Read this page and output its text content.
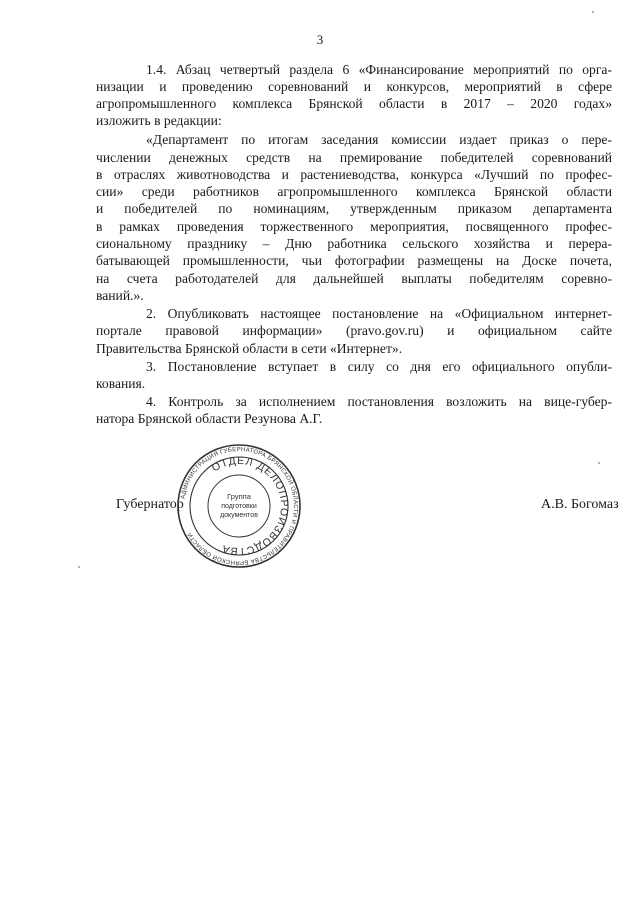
3
1.4. Абзац четвертый раздела 6 «Финансирование мероприятий по орга-
низации и проведению соревнований и конкурсов, мероприятий в сфере
агропромышленного комплекса Брянской области в 2017 – 2020 годах»
изложить в редакции:
«Департамент по итогам заседания комиссии издает приказ о пере-
числении денежных средств на премирование победителей соревнований
в отраслях животноводства и растениеводства, конкурса «Лучший по профес-
сии» среди работников агропромышленного комплекса Брянской области
и победителей по номинациям, утвержденным приказом департамента
в рамках проведения торжественного мероприятия, посвященного профес-
сиональному празднику – Дню работника сельского хозяйства и перера-
батывающей промышленности, чьи фотографии размещены на Доске почета,
на счета работодателей для дальнейшей выплаты победителям соревно-
ваний.».
2. Опубликовать настоящее постановление на «Официальном интернет-
портале правовой информации» (pravo.gov.ru) и официальном сайте
Правительства Брянской области в сети «Интернет».
3. Постановление вступает в силу со дня его официального опубли-
кования.
4. Контроль за исполнением постановления возложить на вице-губер-
натора Брянской области Резунова А.Г.
Губернатор	А.В. Богомаз
АДМИНИСТРАЦИЯ ГУБЕРНАТОРА БРЯНСКОЙ ОБЛАСТИ И ПРАВИТЕЛЬСТВА БРЯНСКОЙ ОБЛАСТИ
ОТДЕЛ ДЕЛОПРОИЗВОДСТВА
Группа
подготовки
документов
